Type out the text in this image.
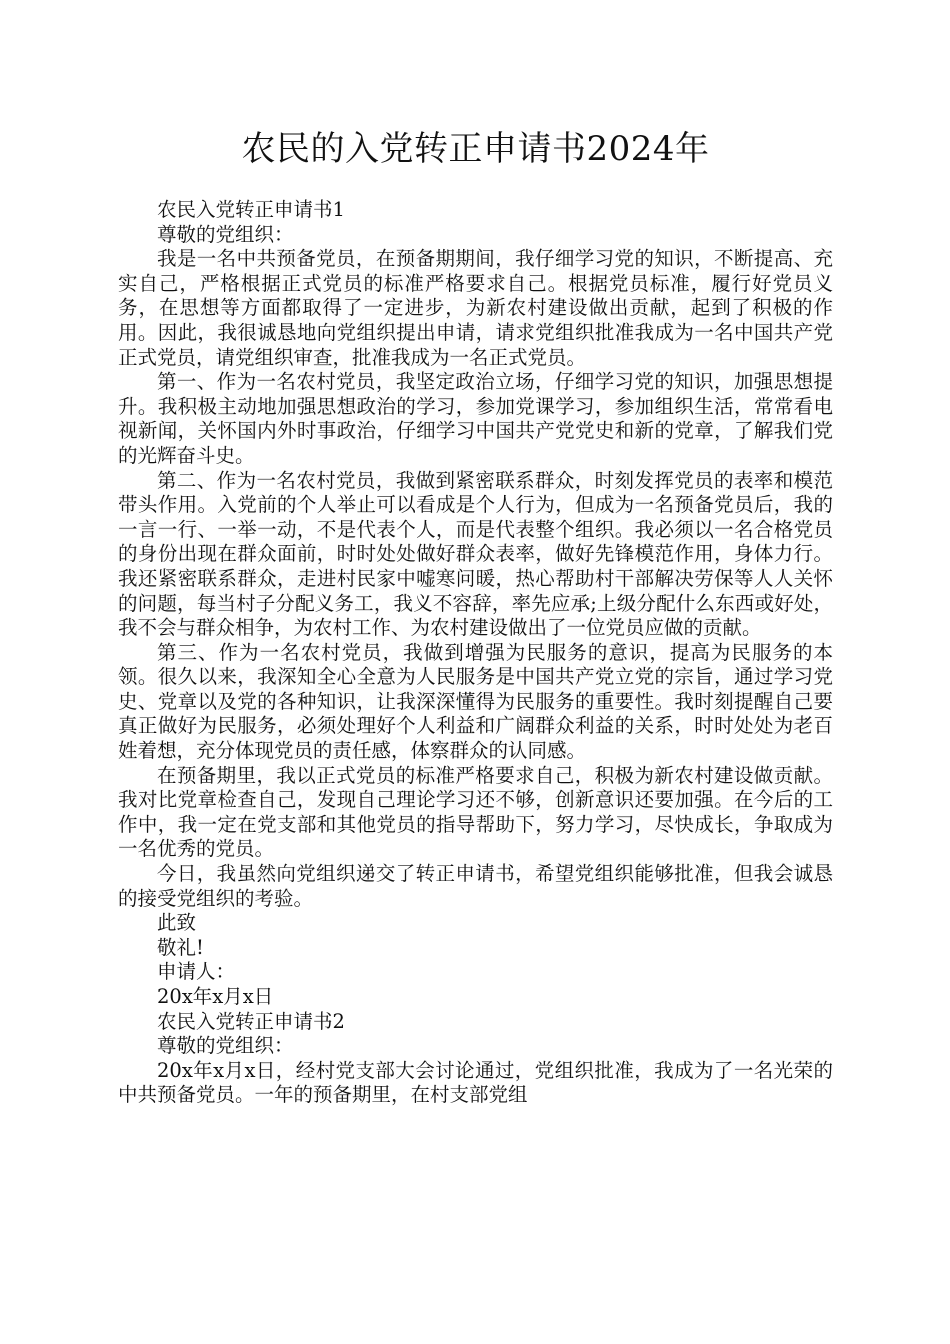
农民的入党转正申请书2024年

农民入党转正申请书1

尊敬的党组织：

我是一名中共预备党员，在预备期期间，我仔细学习党的知识，不断提高、充实自己，严格根据正式党员的标准严格要求自己。根据党员标准，履行好党员义务，在思想等方面都取得了一定进步，为新农村建设做出贡献，起到了积极的作用。因此，我很诚恳地向党组织提出申请，请求党组织批准我成为一名中国共产党正式党员，请党组织审查，批准我成为一名正式党员。

第一、作为一名农村党员，我坚定政治立场，仔细学习党的知识，加强思想提升。我积极主动地加强思想政治的学习，参加党课学习，参加组织生活，常常看电视新闻，关怀国内外时事政治，仔细学习中国共产党党史和新的党章，了解我们党的光辉奋斗史。

第二、作为一名农村党员，我做到紧密联系群众，时刻发挥党员的表率和模范带头作用。入党前的个人举止可以看成是个人行为，但成为一名预备党员后，我的一言一行、一举一动，不是代表个人，而是代表整个组织。我必须以一名合格党员的身份出现在群众面前，时时处处做好群众表率，做好先锋模范作用，身体力行。我还紧密联系群众，走进村民家中嘘寒问暖，热心帮助村干部解决劳保等人人关怀的问题，每当村子分配义务工，我义不容辞，率先应承;上级分配什么东西或好处，我不会与群众相争，为农村工作、为农村建设做出了一位党员应做的贡献。

第三、作为一名农村党员，我做到增强为民服务的意识，提高为民服务的本领。很久以来，我深知全心全意为人民服务是中国共产党立党的宗旨，通过学习党史、党章以及党的各种知识，让我深深懂得为民服务的重要性。我时刻提醒自己要真正做好为民服务，必须处理好个人利益和广阔群众利益的关系，时时处处为老百姓着想，充分体现党员的责任感，体察群众的认同感。

在预备期里，我以正式党员的标准严格要求自己，积极为新农村建设做贡献。我对比党章检查自己，发现自己理论学习还不够，创新意识还要加强。在今后的工作中，我一定在党支部和其他党员的指导帮助下，努力学习，尽快成长，争取成为一名优秀的党员。

今日，我虽然向党组织递交了转正申请书，希望党组织能够批准，但我会诚恳的接受党组织的考验。

此致

敬礼!

申请人：

20x年x月x日

农民入党转正申请书2

尊敬的党组织：

20x年x月x日，经村党支部大会讨论通过，党组织批准，我成为了一名光荣的中共预备党员。一年的预备期里，在村支部党组
